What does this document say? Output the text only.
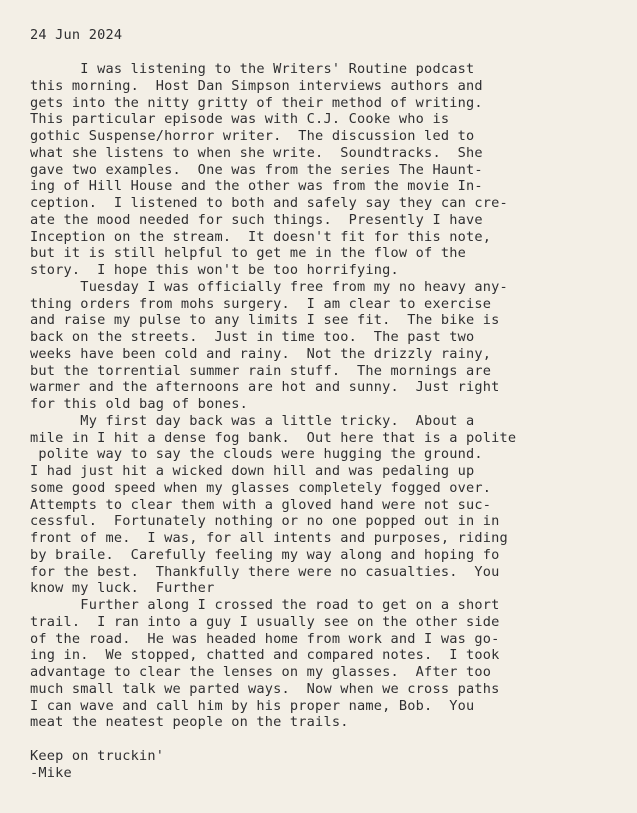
24 Jun 2024
I was listening to the Writers' Routine podcast
this morning.  Host Dan Simpson interviews authors and
gets into the nitty gritty of their method of writing.
This particular episode was with C.J. Cooke who is
gothic Suspense/horror writer.  The discussion led to
what she listens to when she write.  Soundtracks.  She
gave two examples.  One was from the series The Haunt-
ing of Hill House and the other was from the movie In-
ception.  I listened to both and safely say they can cre-
ate the mood needed for such things.  Presently I have
Inception on the stream.  It doesn't fit for this note,
but it is still helpful to get me in the flow of the
story.  I hope this won't be too horrifying.
Tuesday I was officially free from my no heavy any-
thing orders from mohs surgery.  I am clear to exercise
and raise my pulse to any limits I see fit.  The bike is
back on the streets.  Just in time too.  The past two
weeks have been cold and rainy.  Not the drizzly rainy,
but the torrential summer rain stuff.  The mornings are
warmer and the afternoons are hot and sunny.  Just right
for this old bag of bones.
My first day back was a little tricky.  About a
mile in I hit a dense fog bank.  Out here that is a polite
polite way to say the clouds were hugging the ground.
I had just hit a wicked down hill and was pedaling up
some good speed when my glasses completely fogged over.
Attempts to clear them with a gloved hand were not suc-
cessful.  Fortunately nothing or no one popped out in in
front of me.  I was, for all intents and purposes, riding
by braile.  Carefully feeling my way along and hoping fo
for the best.  Thankfully there were no casualties.  You
know my luck.  Further
Further along I crossed the road to get on a short
trail.  I ran into a guy I usually see on the other side
of the road.  He was headed home from work and I was go-
ing in.  We stopped, chatted and compared notes.  I took
advantage to clear the lenses on my glasses.  After too
much small talk we parted ways.  Now when we cross paths
I can wave and call him by his proper name, Bob.  You
meat the neatest people on the trails.
Keep on truckin'
-Mike
